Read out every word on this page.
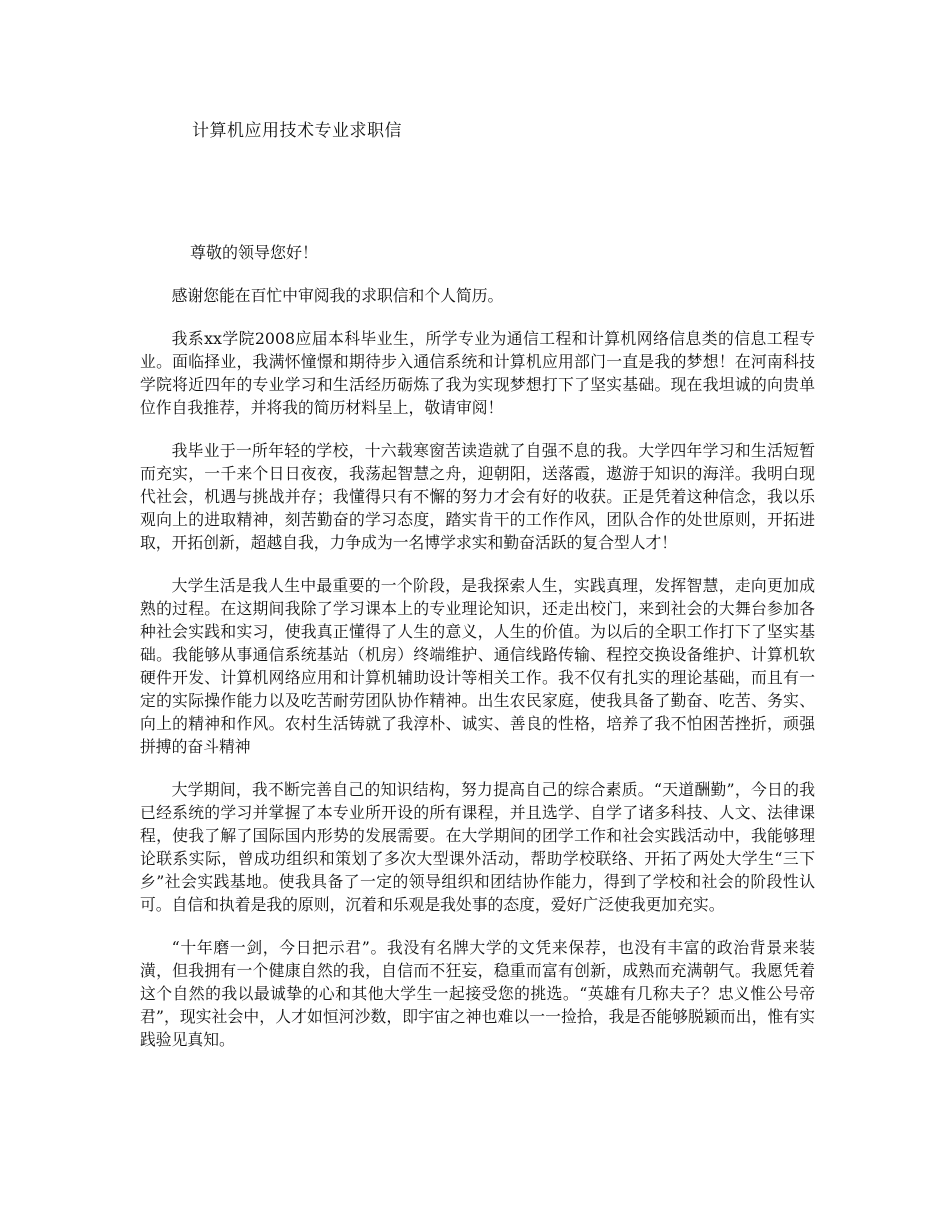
计算机应用技术专业求职信

尊敬的领导您好！

感谢您能在百忙中审阅我的求职信和个人简历。

我系xx学院2008应届本科毕业生，所学专业为通信工程和计算机网络信息类的信息工程专业。面临择业，我满怀憧憬和期待步入通信系统和计算机应用部门一直是我的梦想！在河南科技学院将近四年的专业学习和生活经历砺炼了我为实现梦想打下了坚实基础。现在我坦诚的向贵单位作自我推荐，并将我的简历材料呈上，敬请审阅！

我毕业于一所年轻的学校，十六载寒窗苦读造就了自强不息的我。大学四年学习和生活短暂而充实，一千来个日日夜夜，我荡起智慧之舟，迎朝阳，送落霞，遨游于知识的海洋。我明白现代社会，机遇与挑战并存；我懂得只有不懈的努力才会有好的收获。正是凭着这种信念，我以乐观向上的进取精神，刻苦勤奋的学习态度，踏实肯干的工作作风，团队合作的处世原则，开拓进取，开拓创新，超越自我，力争成为一名博学求实和勤奋活跃的复合型人才！

大学生活是我人生中最重要的一个阶段，是我探索人生，实践真理，发挥智慧，走向更加成熟的过程。在这期间我除了学习课本上的专业理论知识，还走出校门，来到社会的大舞台参加各种社会实践和实习，使我真正懂得了人生的意义，人生的价值。为以后的全职工作打下了坚实基础。我能够从事通信系统基站（机房）终端维护、通信线路传输、程控交换设备维护、计算机软硬件开发、计算机网络应用和计算机辅助设计等相关工作。我不仅有扎实的理论基础，而且有一定的实际操作能力以及吃苦耐劳团队协作精神。出生农民家庭，使我具备了勤奋、吃苦、务实、向上的精神和作风。农村生活铸就了我淳朴、诚实、善良的性格，培养了我不怕困苦挫折，顽强拼搏的奋斗精神

大学期间，我不断完善自己的知识结构，努力提高自己的综合素质。“天道酬勤”，今日的我已经系统的学习并掌握了本专业所开设的所有课程，并且选学、自学了诸多科技、人文、法律课程，使我了解了国际国内形势的发展需要。在大学期间的团学工作和社会实践活动中，我能够理论联系实际，曾成功组织和策划了多次大型课外活动，帮助学校联络、开拓了两处大学生“三下乡”社会实践基地。使我具备了一定的领导组织和团结协作能力，得到了学校和社会的阶段性认可。自信和执着是我的原则，沉着和乐观是我处事的态度，爱好广泛使我更加充实。

“十年磨一剑，今日把示君”。我没有名牌大学的文凭来保荐，也没有丰富的政治背景来装潢，但我拥有一个健康自然的我，自信而不狂妄，稳重而富有创新，成熟而充满朝气。我愿凭着这个自然的我以最诚挚的心和其他大学生一起接受您的挑选。“英雄有几称夫子？忠义惟公号帝君”，现实社会中，人才如恒河沙数，即宇宙之神也难以一一捡拾，我是否能够脱颖而出，惟有实践验见真知。
